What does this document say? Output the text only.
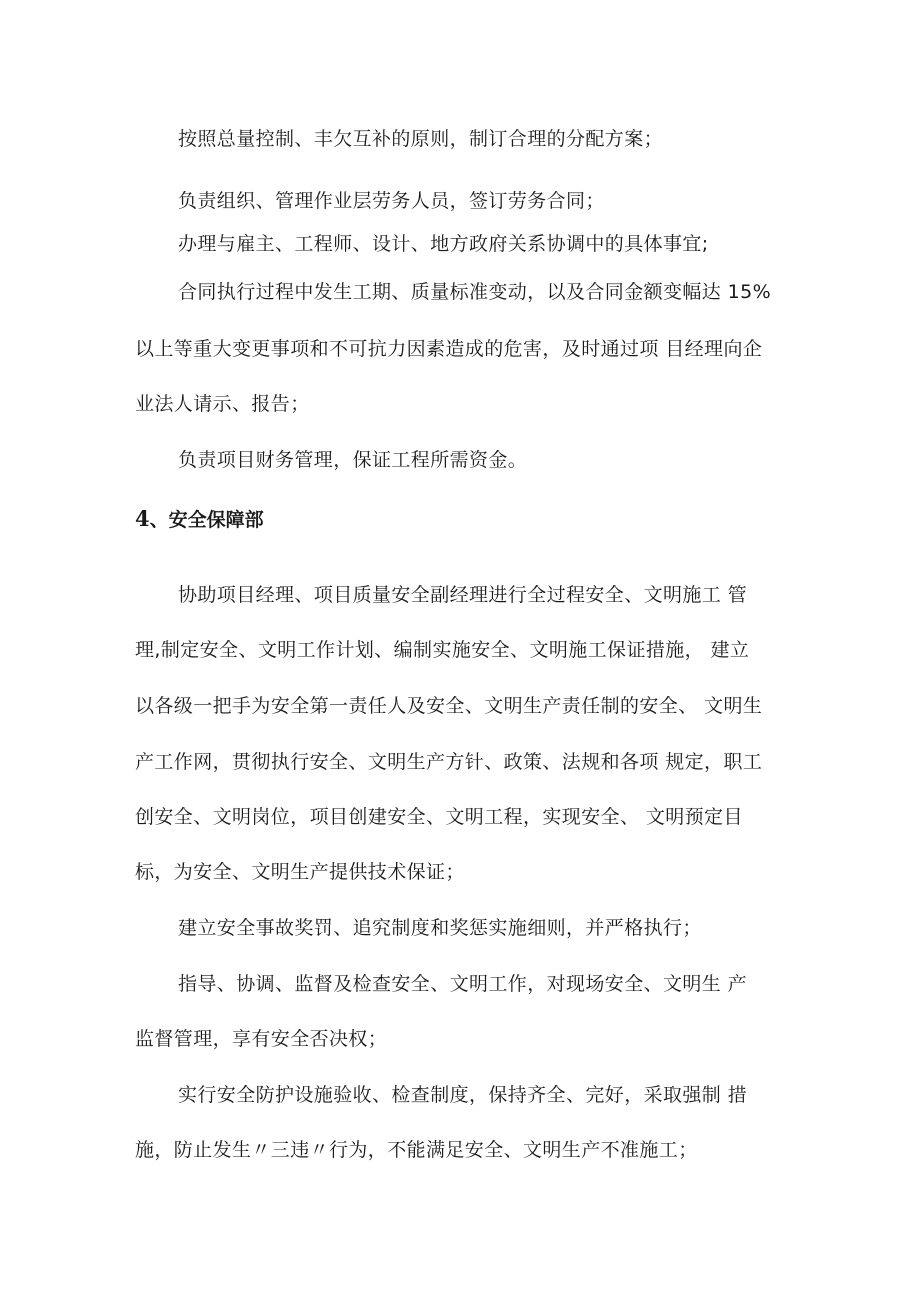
按照总量控制、丰欠互补的原则，制订合理的分配方案；
负责组织、管理作业层劳务人员，签订劳务合同；
办理与雇主、工程师、设计、地方政府关系协调中的具体事宜;
合同执行过程中发生工期、质量标准变动，以及合同金额变幅达 15%
以上等重大变更事项和不可抗力因素造成的危害，及时通过项 目经理向企
业法人请示、报告；
负责项目财务管理，保证工程所需资金。
4、安全保障部
协助项目经理、项目质量安全副经理进行全过程安全、文明施工 管
理,制定安全、文明工作计划、编制实施安全、文明施工保证措施， 建立
以各级一把手为安全第一责任人及安全、文明生产责任制的安全、 文明生
产工作网，贯彻执行安全、文明生产方针、政策、法规和各项 规定，职工
创安全、文明岗位，项目创建安全、文明工程，实现安全、 文明预定目
标，为安全、文明生产提供技术保证；
建立安全事故奖罚、追究制度和奖惩实施细则，并严格执行；
指导、协调、监督及检查安全、文明工作，对现场安全、文明生 产
监督管理，享有安全否决权；
实行安全防护设施验收、检查制度，保持齐全、完好，采取强制 措
施，防止发生〃三违〃行为，不能满足安全、文明生产不准施工；
